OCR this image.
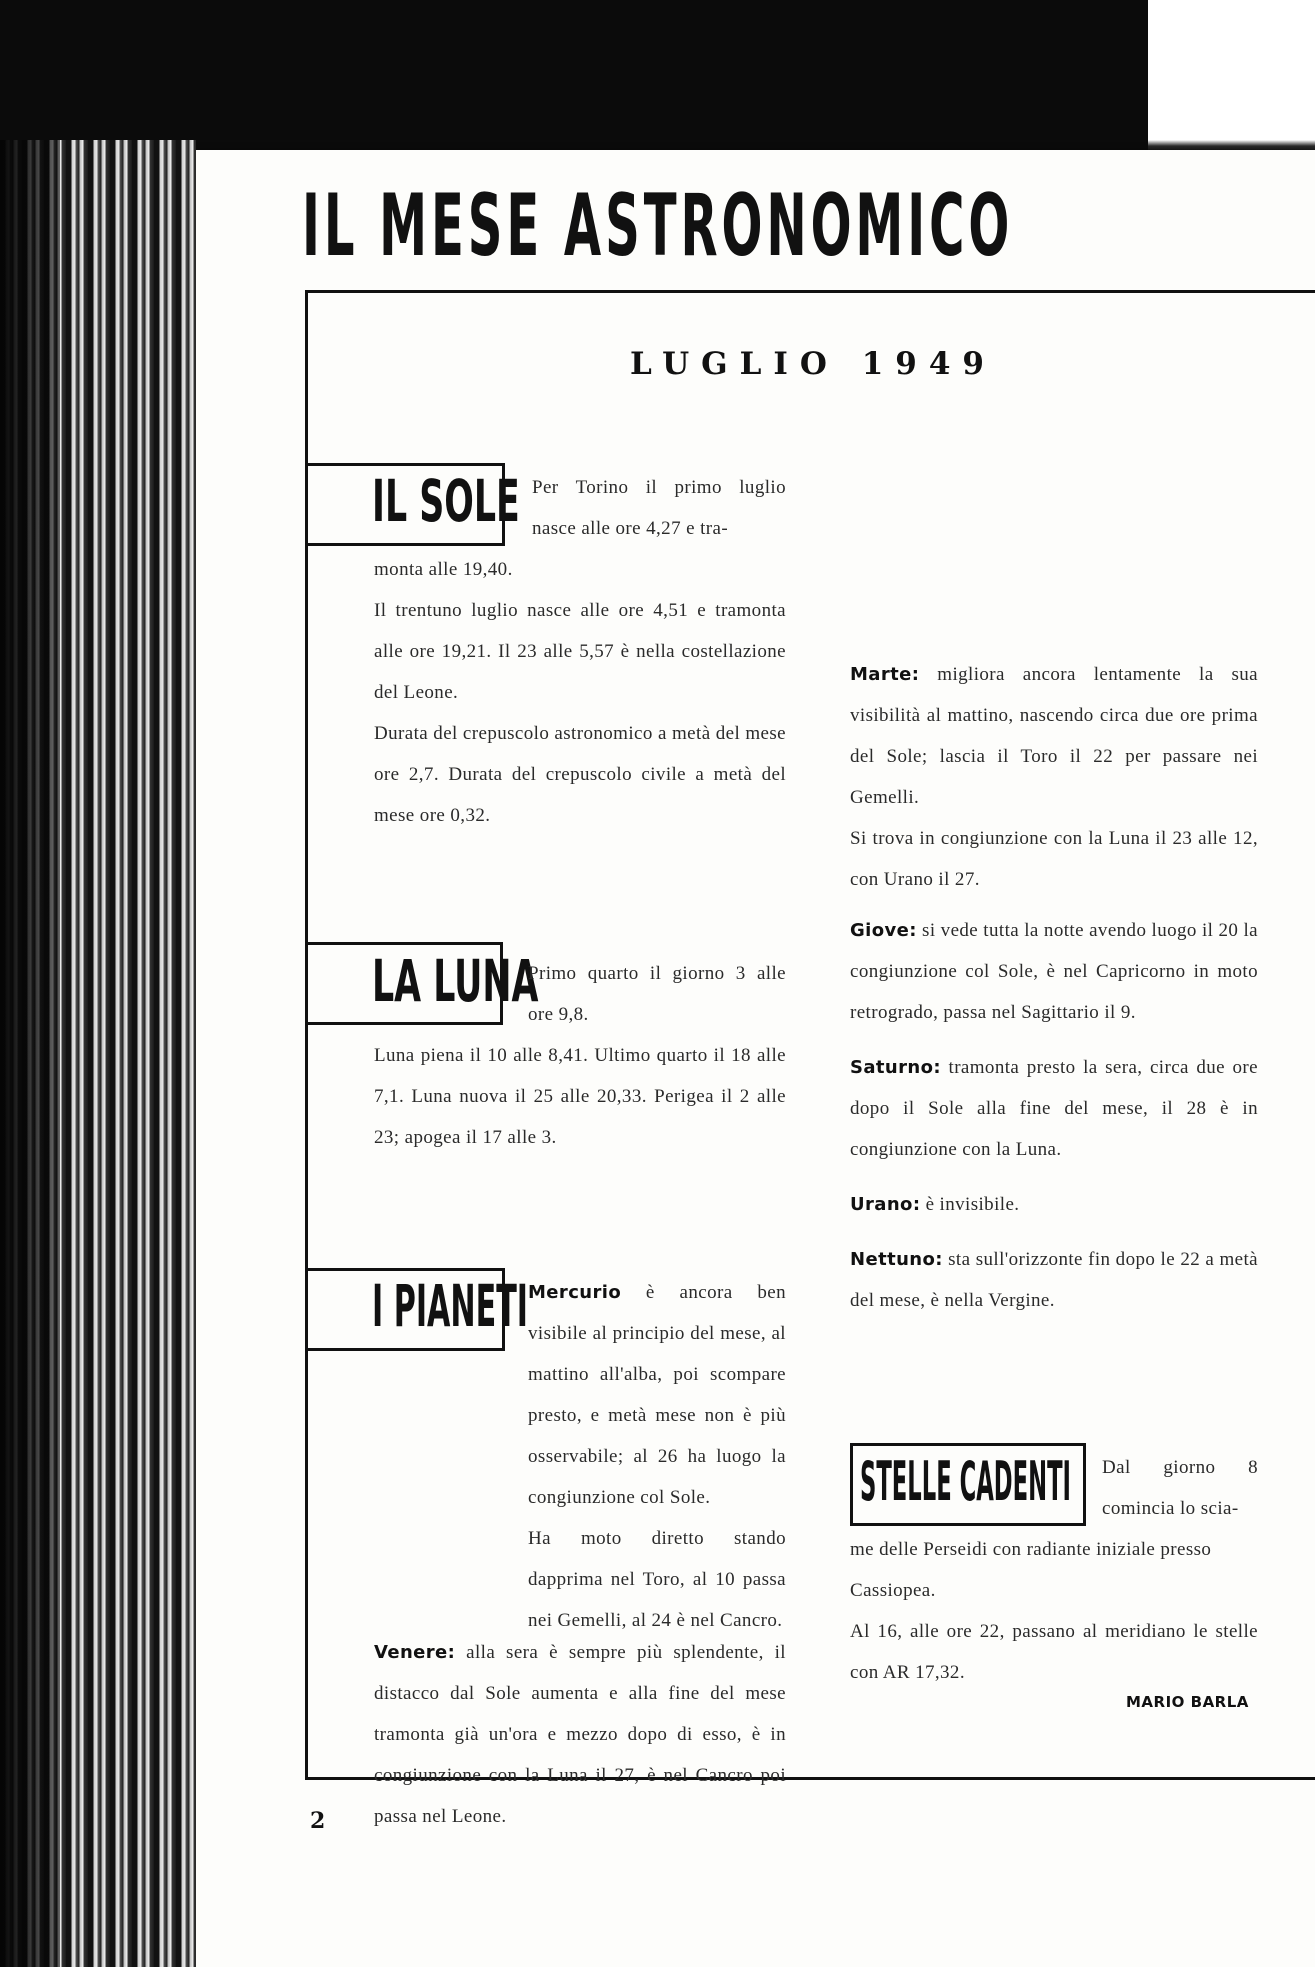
IL MESE ASTRONOMICO
LUGLIO 1949
IL SOLE Per Torino il primo luglio nasce alle ore 4,27 e tra-

monta alle 19,40.

Il trentuno luglio nasce alle ore 4,51 e tramonta alle ore 19,21. Il 23 alle 5,57 è nella costellazione del Leone.

Durata del crepuscolo astronomico a metà del mese ore 2,7. Durata del crepuscolo civile a metà del mese ore 0,32.

LA LUNA

Primo quarto il giorno 3 alle ore 9,8.

Luna piena il 10 alle 8,41. Ultimo quarto il 18 alle 7,1. Luna nuova il 25 alle 20,33. Perigea il 2 alle 23; apogea il 17 alle 3.

I PIANETI Mercurio è ancora ben visibile al principio del mese, al mattino all'alba, poi scompare presto, e metà mese non è più osservabile; al 26 ha luogo la congiunzione col Sole.

Ha moto diretto stando dapprima nel Toro, al 10 passa nei Gemelli, al 24 è nel Cancro.

Venere: alla sera è sempre più splendente, il distacco dal Sole aumenta e alla fine del mese tramonta già un'ora e mezzo dopo di esso, è in congiunzione con la Luna il 27, è nel Cancro poi passa nel Leone.

Marte: migliora ancora lentamente la sua visibilità al mattino, nascendo circa due ore prima del Sole; lascia il Toro il 22 per passare nei Gemelli.

Si trova in congiunzione con la Luna il 23 alle 12, con Urano il 27.

Giove: si vede tutta la notte avendo luogo il 20 la congiunzione col Sole, è nel Capricorno in moto retrogrado, passa nel Sagittario il 9.

Saturno: tramonta presto la sera, circa due ore dopo il Sole alla fine del mese, il 28 è in congiunzione con la Luna.

Urano: è invisibile.

Nettuno: sta sull'orizzonte fin dopo le 22 a metà del mese, è nella Vergine.

STELLE CADENTI Dal giorno 8 comincia lo scia-

me delle Perseidi con radiante iniziale presso Cassiopea.

Al 16, alle ore 22, passano al meridiano le stelle con AR 17,32.

MARIO BARLA
2
